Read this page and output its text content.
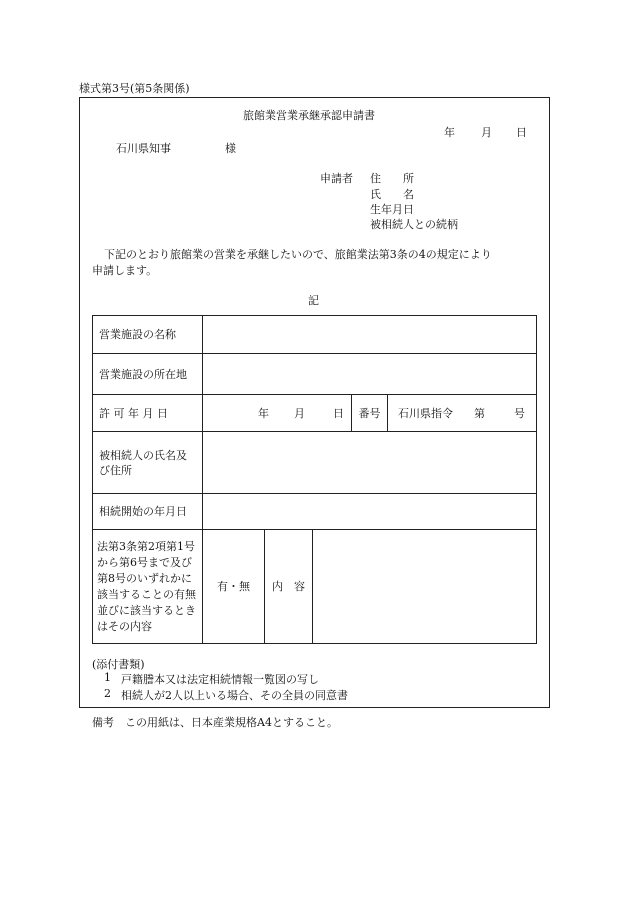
様式第3号(第5条関係)
旅館業営業承継承認申請書
年 月 日
石川県知事	様
申請者 住　　所
氏　　名
生年月日
被相続人との続柄
下記のとおり旅館業の営業を承継したいので、旅館業法第3条の4の規定により
申請します。
記
営業施設の名称					
営業施設の所在地					
許 可 年 月 日	年 月 日			番号	石川県指令 第 号

被相続人の氏名及び住所					
相続開始の年月日					
法第3条第2項第1号から第6号まで及び第8号のいずれかに該当することの有無並びに該当するときはその内容	有・無	内　容			
(添付書類)
1 戸籍謄本又は法定相続情報一覧図の写し
2 相続人が2人以上いる場合、その全員の同意書
備考　この用紙は、日本産業規格A4とすること。
